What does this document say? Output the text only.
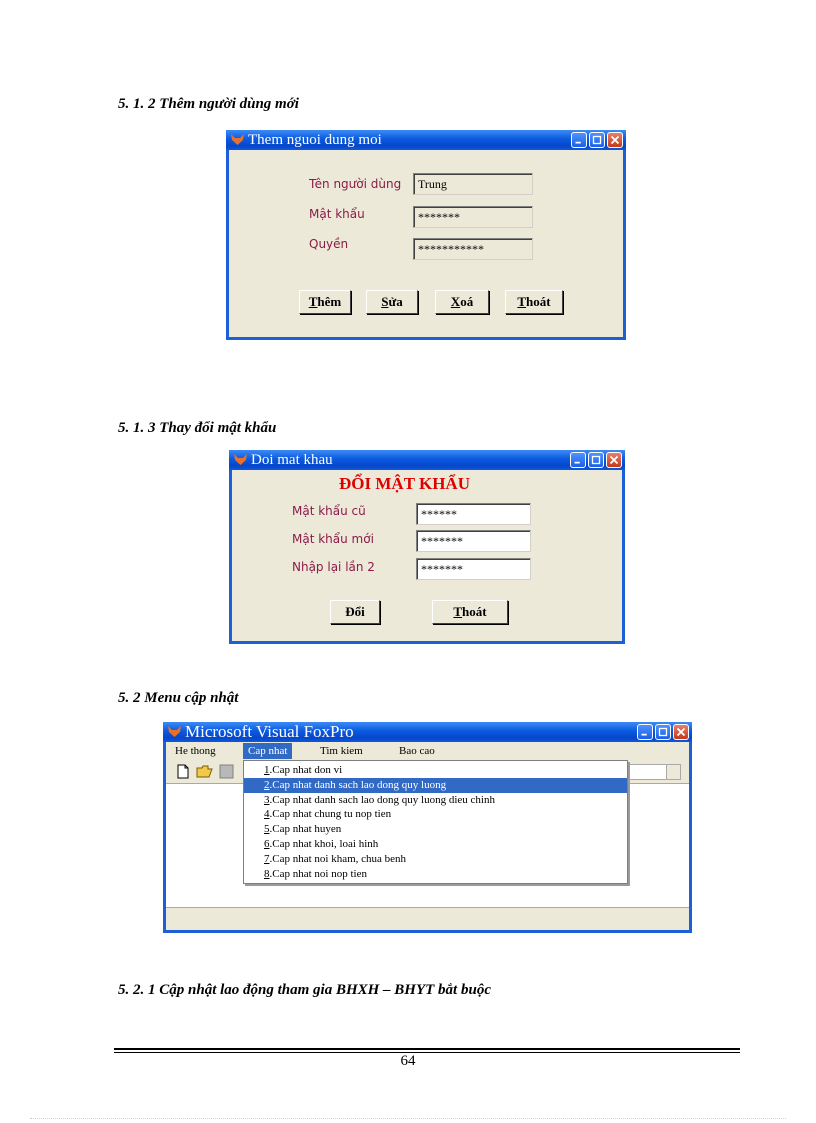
5. 1. 2 Thêm người dùng mới
Them nguoi dung moi
Tên người dùng	Trung
Mật khẩu	*******
Quyền	***********
Thêm	Sửa	Xoá	Thoát
5. 1. 3 Thay đổi mật khẩu
Doi mat khau
ĐỔI MẬT KHẨU
Mật khẩu cũ	******
Mật khẩu mới	*******
Nhập lại lần 2	*******
Đổi	Thoát
5. 2 Menu cập nhật
Microsoft Visual FoxPro
He thong	Cap nhat	Tim kiem	Bao cao
1.Cap nhat don vi
2.Cap nhat danh sach lao dong quy luong
3.Cap nhat danh sach lao dong quy luong dieu chinh
4.Cap nhat chung tu nop tien
5.Cap nhat huyen
6.Cap nhat khoi, loai hinh
7.Cap nhat noi kham, chua benh
8.Cap nhat noi nop tien
5. 2. 1 Cập nhật lao động tham gia BHXH – BHYT bắt buộc
64
